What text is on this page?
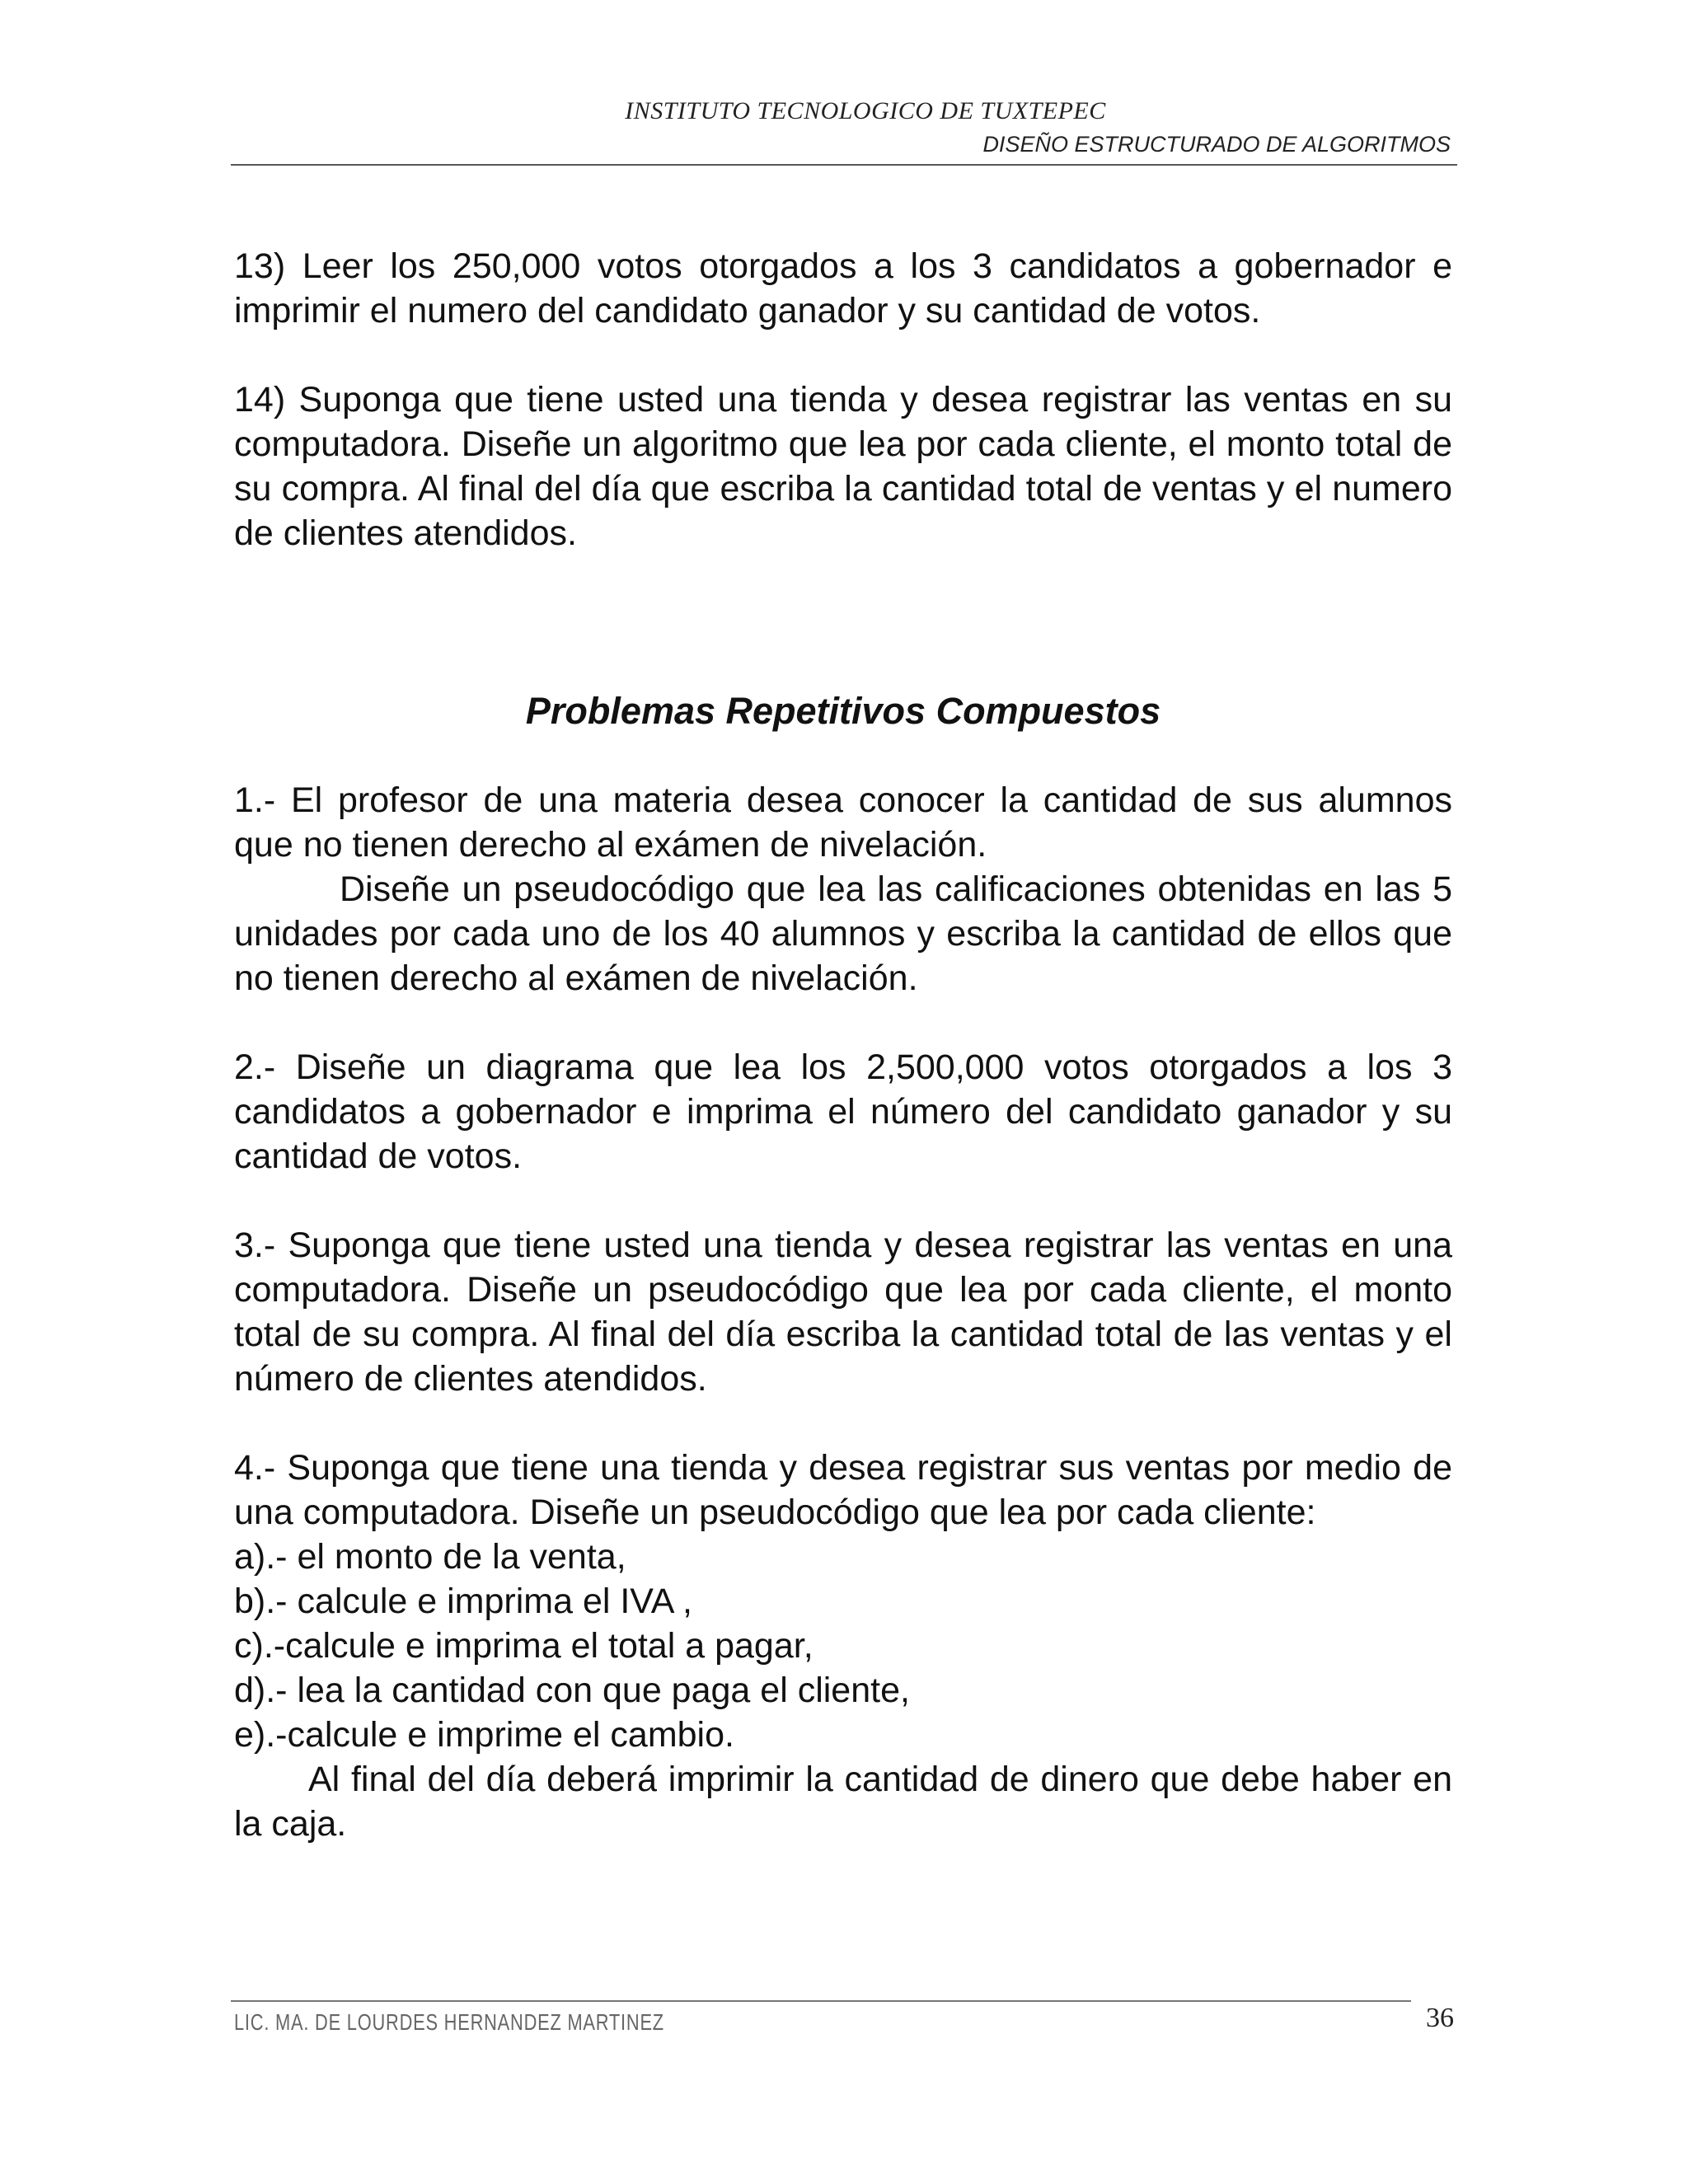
INSTITUTO TECNOLOGICO DE TUXTEPEC
DISEÑO ESTRUCTURADO DE ALGORITMOS

13) Leer los 250,000 votos otorgados a los 3 candidatos a gobernador e imprimir el numero del candidato ganador y su cantidad de votos.

14) Suponga que tiene usted una tienda y desea registrar las ventas en su computadora. Diseñe un algoritmo que lea por cada cliente, el monto total de su compra. Al final del día que escriba la cantidad total de ventas y el numero de clientes atendidos.

Problemas Repetitivos Compuestos

1.- El profesor de una materia desea conocer la cantidad de sus alumnos que no tienen derecho al exámen de nivelación.

Diseñe un pseudocódigo que lea las calificaciones obtenidas en las 5 unidades por cada uno de los 40 alumnos y escriba la cantidad de ellos que no tienen derecho al exámen de nivelación.

2.- Diseñe un diagrama que lea los 2,500,000 votos otorgados a los 3 candidatos a gobernador e imprima el número del candidato ganador y su cantidad de votos.

3.- Suponga que tiene usted una tienda y desea registrar las ventas en una computadora. Diseñe un pseudocódigo que lea por cada cliente, el monto total de su compra. Al final del día escriba la cantidad total de las ventas y el número de clientes atendidos.

4.- Suponga que tiene una tienda y desea registrar sus ventas por medio de una computadora. Diseñe un pseudocódigo que lea por cada cliente:

a).- el monto de la venta,

b).- calcule e imprima el IVA ,

c).-calcule e imprima el total a pagar,

d).- lea la cantidad con que paga el cliente,

e).-calcule e imprime el cambio.

Al final del día deberá imprimir la cantidad de dinero que debe haber en la caja.

LIC. MA. DE LOURDES HERNANDEZ MARTINEZ	36
